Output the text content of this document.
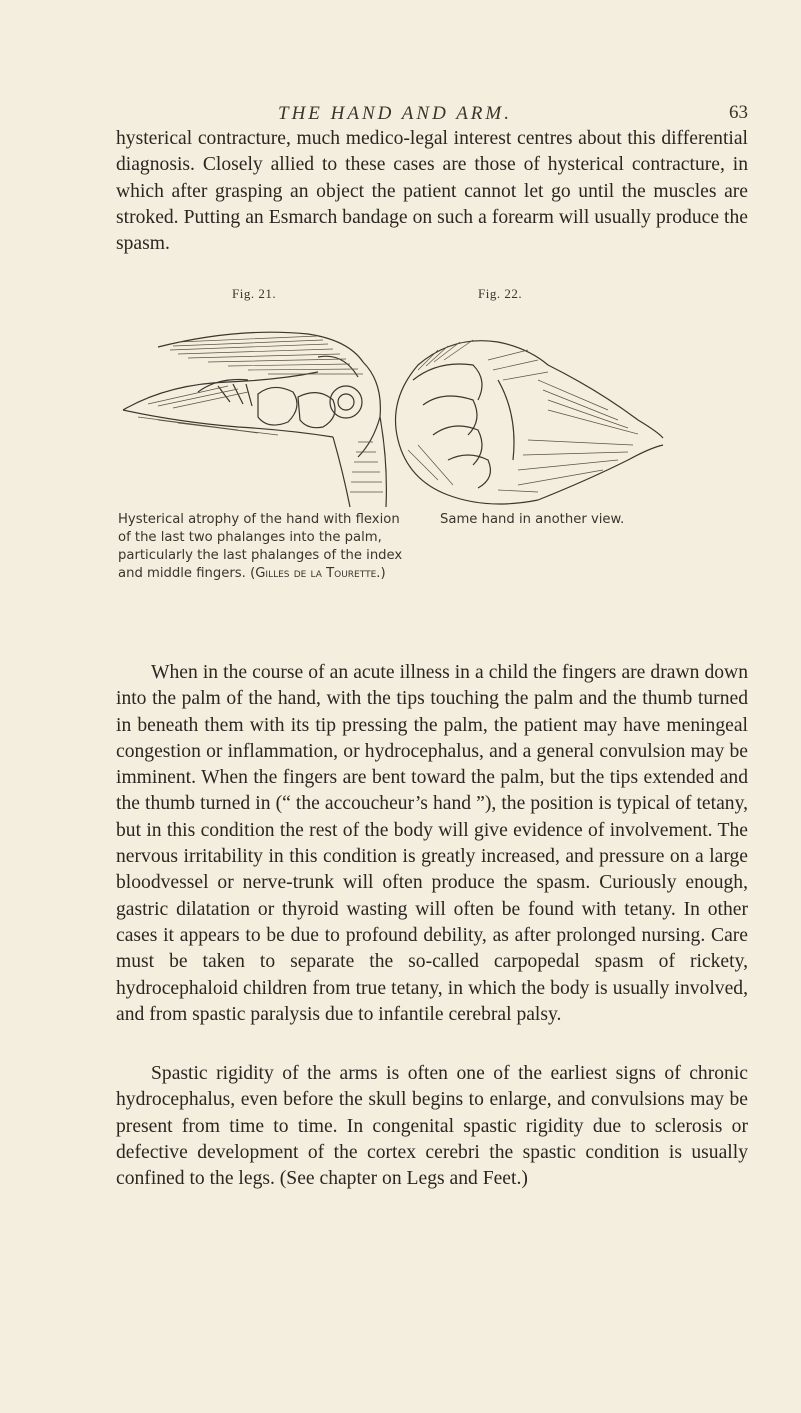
THE HAND AND ARM.	63

hysterical contracture, much medico-legal interest centres about this differential diagnosis. Closely allied to these cases are those of hysterical contracture, in which after grasping an object the patient cannot let go until the muscles are stroked. Putting an Esmarch bandage on such a forearm will usually produce the spasm.

Fig. 21.	Fig. 22.

Hysterical atrophy of the hand with flexion of the last two phalanges into the palm, particularly the last phalanges of the index and middle fingers. (Gilles de la Tourette.)

Same hand in another view.

When in the course of an acute illness in a child the fingers are drawn down into the palm of the hand, with the tips touching the palm and the thumb turned in beneath them with its tip pressing the palm, the patient may have meningeal congestion or inflammation, or hydrocephalus, and a general convulsion may be imminent. When the fingers are bent toward the palm, but the tips extended and the thumb turned in (“ the accoucheur’s hand ”), the position is typical of tetany, but in this condition the rest of the body will give evidence of involvement. The nervous irritability in this condition is greatly increased, and pressure on a large bloodvessel or nerve-trunk will often produce the spasm. Curiously enough, gastric dilatation or thyroid wasting will often be found with tetany. In other cases it appears to be due to profound debility, as after prolonged nursing. Care must be taken to separate the so-called carpopedal spasm of rickety, hydrocephaloid children from true tetany, in which the body is usually involved, and from spastic paralysis due to infantile cerebral palsy.

Spastic rigidity of the arms is often one of the earliest signs of chronic hydrocephalus, even before the skull begins to enlarge, and convulsions may be present from time to time. In congenital spastic rigidity due to sclerosis or defective development of the cortex cerebri the spastic condition is usually confined to the legs. (See chapter on Legs and Feet.)
